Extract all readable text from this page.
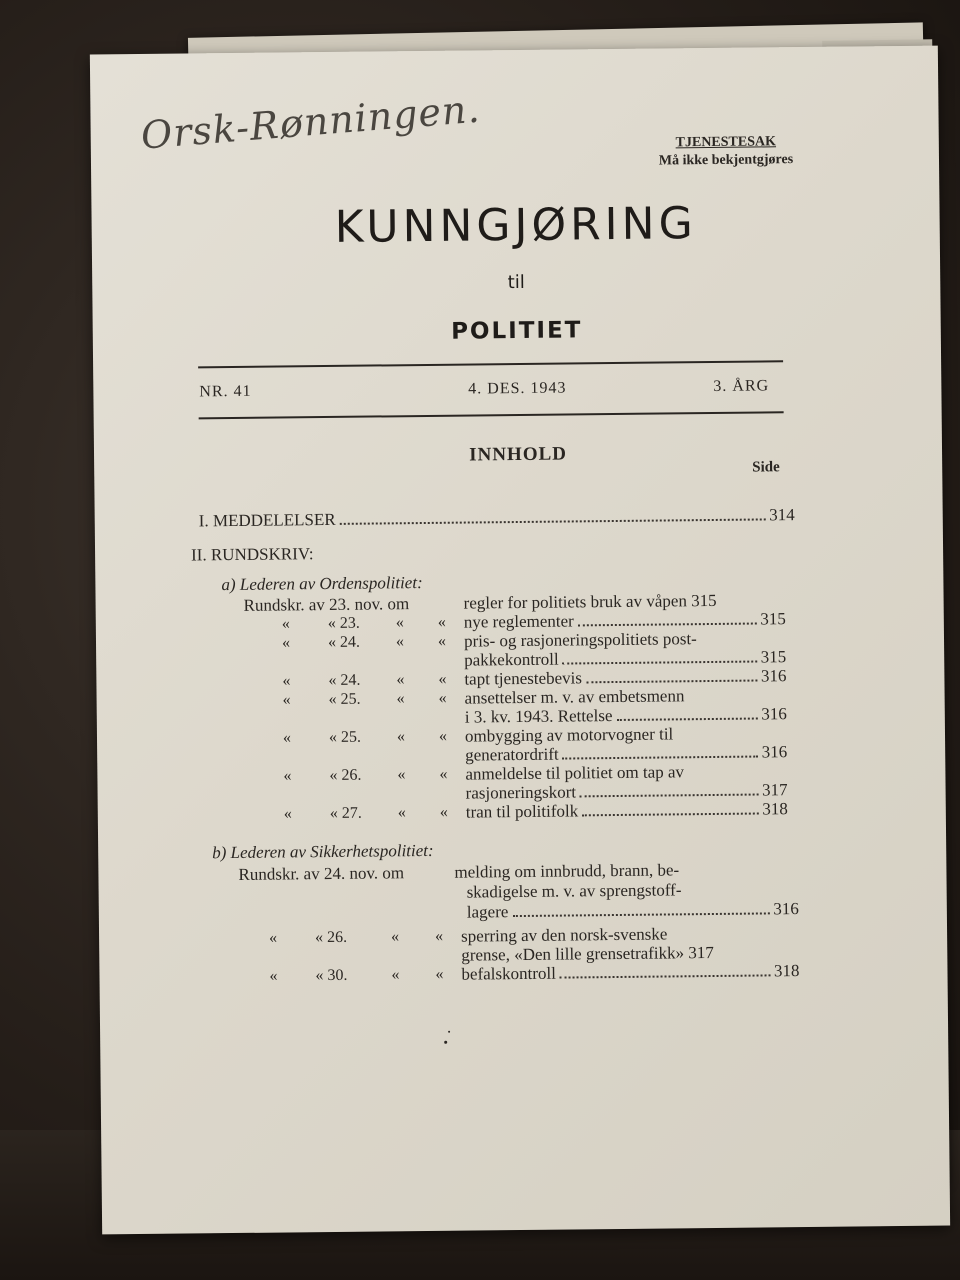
Orsk-Rønningen.	TJENESTESAK
Må ikke bekjentgjøres
KUNNGJØRING
til
POLITIET
NR. 41	4. DES. 1943	3. ÅRG
INNHOLD
Side
I. MEDDELELSER	314
II. RUNDSKRIV:
a) Lederen av Ordenspolitiet:
Rundskr. av 23. nov. om	regler for politiets bruk av våpen 315
« « 23. « « nye reglementer	315
« « 24. « « pris- og rasjoneringspolitiets post-
pakkekontroll	315
« « 24. « « tapt tjenestebevis	316
« « 25. « « ansettelser m. v. av embetsmenn
i 3. kv. 1943. Rettelse	316
« « 25. « « ombygging av motorvogner til
generatordrift	316
« « 26. « « anmeldelse til politiet om tap av
rasjoneringskort	317
« « 27. « « tran til politifolk	318
b) Lederen av Sikkerhetspolitiet:
Rundskr. av 24. nov. om	melding om innbrudd, brann, be-
skadigelse m. v. av sprengstoff-
lagere	316
« « 26.	« « sperring av den norsk-svenske
grense, «Den lille grensetrafikk» 317
« « 30.	« « befalskontroll	318
